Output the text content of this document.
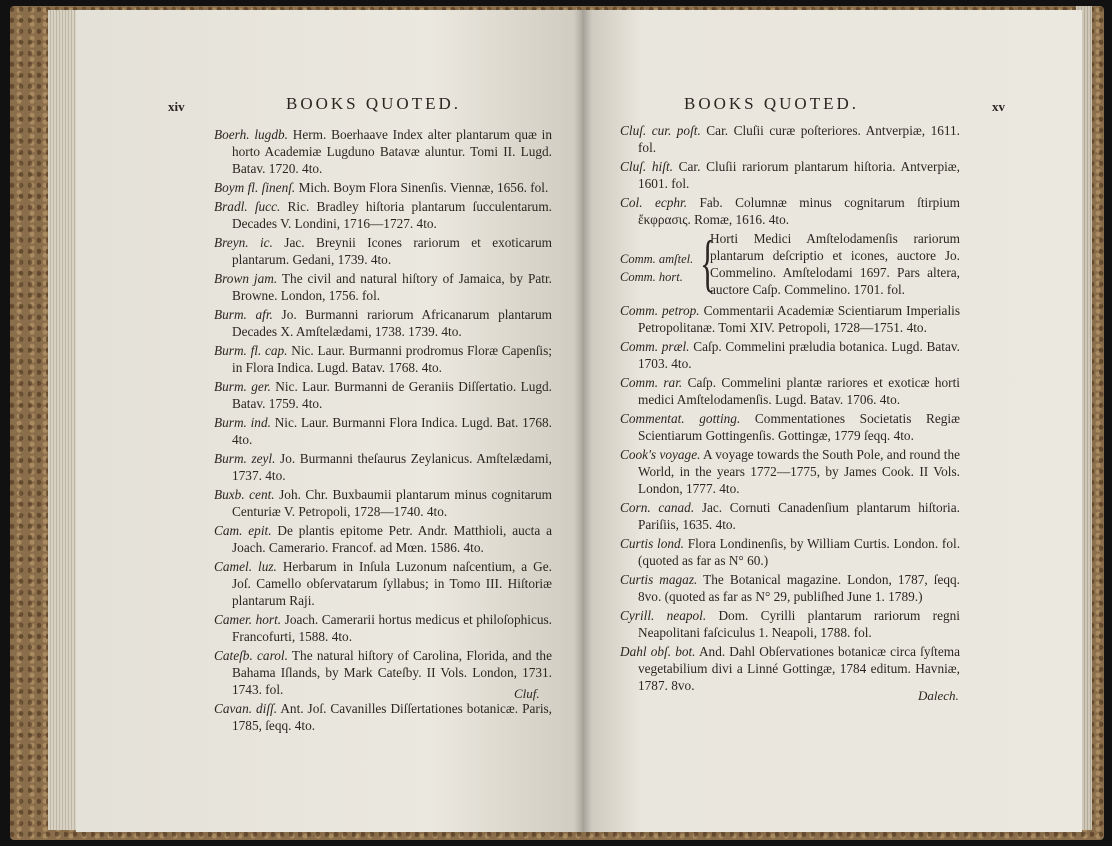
xiv	BOOKS QUOTED.

Boerh. lugdb. Herm. Boerhaave Index alter plantarum quæ in horto Academiæ Lugduno Batavæ aluntur. Tomi II. Lugd. Batav. 1720. 4to.

Boym fl. ſinenſ. Mich. Boym Flora Sinenſis. Viennæ, 1656. fol.

Bradl. ſucc. Ric. Bradley hiſtoria plantarum ſucculentarum. Decades V. Londini, 1716—1727. 4to.

Breyn. ic. Jac. Breynii Icones rariorum et exoticarum plantarum. Gedani, 1739. 4to.

Brown jam. The civil and natural hiſtory of Jamaica, by Patr. Browne. London, 1756. fol.

Burm. afr. Jo. Burmanni rariorum Africanarum plantarum Decades X. Amſtelædami, 1738. 1739. 4to.

Burm. fl. cap. Nic. Laur. Burmanni prodromus Floræ Capenſis; in Flora Indica. Lugd. Batav. 1768. 4to.

Burm. ger. Nic. Laur. Burmanni de Geraniis Diſſertatio. Lugd. Batav. 1759. 4to.

Burm. ind. Nic. Laur. Burmanni Flora Indica. Lugd. Bat. 1768. 4to.

Burm. zeyl. Jo. Burmanni theſaurus Zeylanicus. Amſtelædami, 1737. 4to.

Buxb. cent. Joh. Chr. Buxbaumii plantarum minus cognitarum Centuriæ V. Petropoli, 1728—1740. 4to.

Cam. epit. De plantis epitome Petr. Andr. Matthioli, aucta a Joach. Camerario. Francof. ad Mœn. 1586. 4to.

Camel. luz. Herbarum in Inſula Luzonum naſcentium, a Ge. Joſ. Camello obſervatarum ſyllabus; in Tomo III. Hiſtoriæ plantarum Raji.

Camer. hort. Joach. Camerarii hortus medicus et philoſophicus. Francofurti, 1588. 4to.

Cateſb. carol. The natural hiſtory of Carolina, Florida, and the Bahama Iſlands, by Mark Cateſby. II Vols. London, 1731. 1743. fol.

Cavan. diſſ. Ant. Joſ. Cavanilles Diſſertationes botanicæ. Paris, 1785, ſeqq. 4to.

Cluf.
BOOKS QUOTED.	xv

Cluſ. cur. poſt. Car. Cluſii curæ poſteriores. Antverpiæ, 1611. fol.

Cluſ. hiſt. Car. Cluſii rariorum plantarum hiſtoria. Antverpiæ, 1601. fol.

Col. ecphr. Fab. Columnæ minus cognitarum ſtirpium ἔκφρασις. Romæ, 1616. 4to.

Comm. amſtel.
Comm. hort. {
Horti Medici Amſtelodamenſis rariorum plantarum deſcriptio et icones, auctore Jo. Commelino. Amſtelodami 1697. Pars altera, auctore Caſp. Commelino. 1701. fol.

Comm. petrop. Commentarii Academiæ Scientiarum Imperialis Petropolitanæ. Tomi XIV. Petropoli, 1728—1751. 4to.

Comm. præl. Caſp. Commelini præludia botanica. Lugd. Batav. 1703. 4to.

Comm. rar. Caſp. Commelini plantæ rariores et exoticæ horti medici Amſtelodamenſis. Lugd. Batav. 1706. 4to.

Commentat. gotting. Commentationes Societatis Regiæ Scientiarum Gottingenſis. Gottingæ, 1779 ſeqq. 4to.

Cook's voyage. A voyage towards the South Pole, and round the World, in the years 1772—1775, by James Cook. II Vols. London, 1777. 4to.

Corn. canad. Jac. Cornuti Canadenſium plantarum hiſtoria. Pariſiis, 1635. 4to.

Curtis lond. Flora Londinenſis, by William Curtis. London. fol. (quoted as far as N° 60.)

Curtis magaz. The Botanical magazine. London, 1787, ſeqq. 8vo. (quoted as far as N° 29, publiſhed June 1. 1789.)

Cyrill. neapol. Dom. Cyrilli plantarum rariorum regni Neapolitani faſciculus 1. Neapoli, 1788. fol.

Dahl obſ. bot. And. Dahl Obſervationes botanicæ circa ſyſtema vegetabilium divi a Linné Gottingæ, 1784 editum. Havniæ, 1787. 8vo.

Dalech.
